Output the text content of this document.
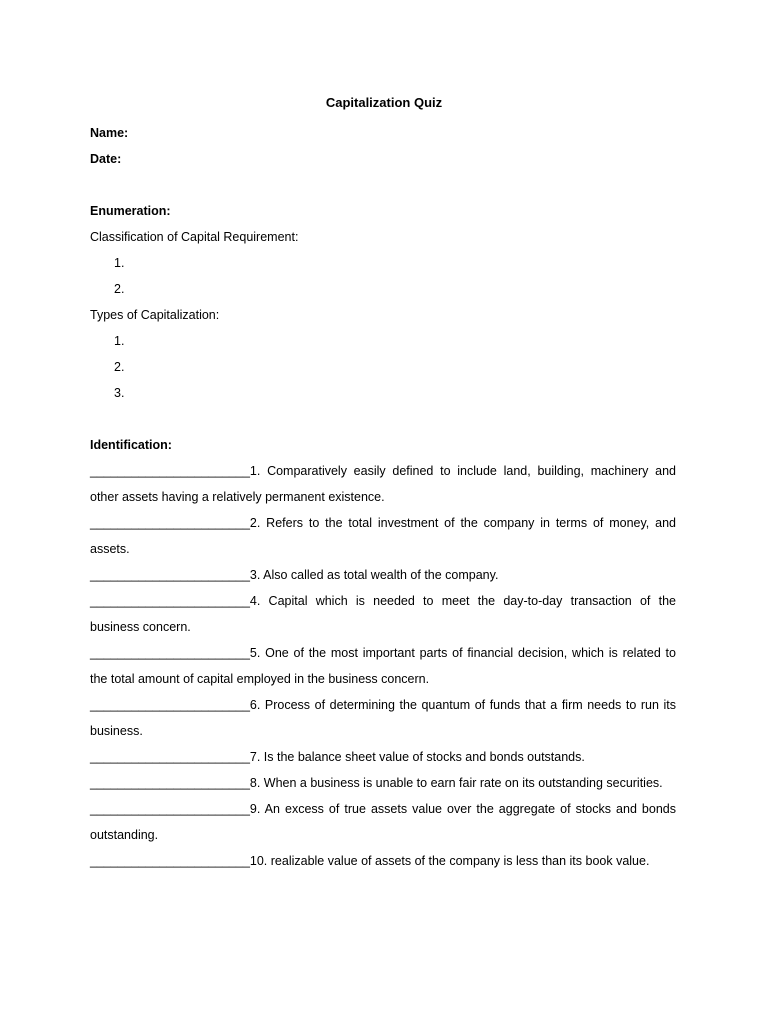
Capitalization Quiz

Name:

Date:

Enumeration:

Classification of Capital Requirement:

1.

2.

Types of Capitalization:

1.

2.

3.

Identification:

_______________________1. Comparatively easily defined to include land, building, machinery and other assets having a relatively permanent existence.

_______________________2. Refers to the total investment of the company in terms of money, and assets.

_______________________3. Also called as total wealth of the company.

_______________________4. Capital which is needed to meet the day-to-day transaction of the business concern.

_______________________5. One of the most important parts of financial decision, which is related to the total amount of capital employed in the business concern.

_______________________6. Process of determining the quantum of funds that a firm needs to run its business.

_______________________7. Is the balance sheet value of stocks and bonds outstands.

_______________________8. When a business is unable to earn fair rate on its outstanding securities.

_______________________9. An excess of true assets value over the aggregate of stocks and bonds outstanding.

_______________________10. realizable value of assets of the company is less than its book value.
